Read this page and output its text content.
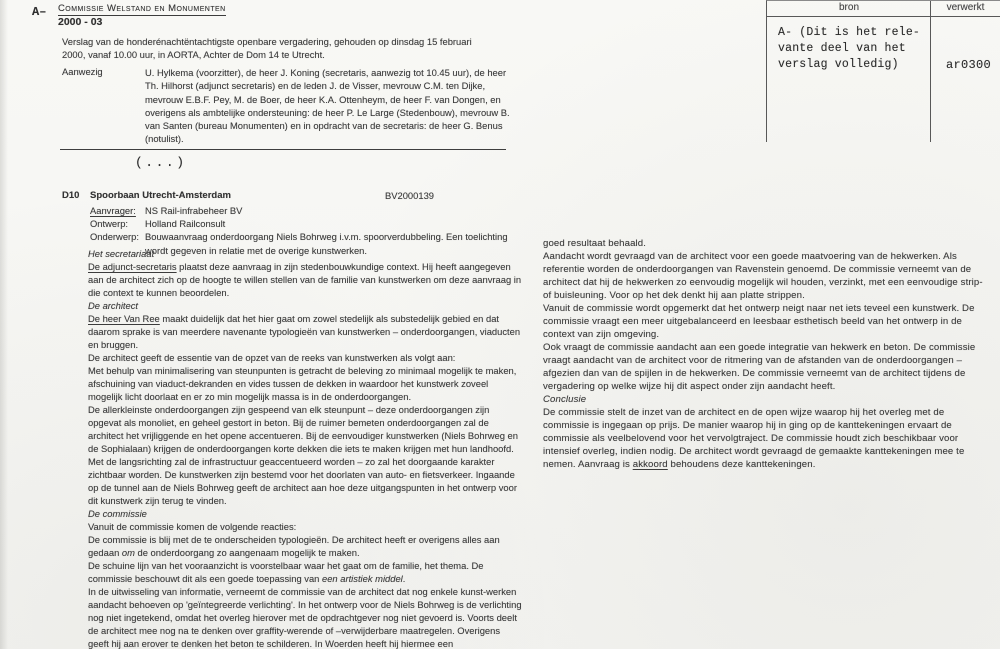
A– Commissie Welstand en Monumenten
2000 - 03
Verslag van de honderénachtëntachtigste openbare vergadering, gehouden op dinsdag 15 februari 2000, vanaf 10.00 uur, in AORTA, Achter de Dom 14 te Utrecht.
Aanwezig	U. Hylkema (voorzitter), de heer J. Koning (secretaris, aanwezig tot 10.45 uur), de heer Th. Hilhorst (adjunct secretaris) en de leden J. de Visser, mevrouw C.M. ten Dijke, mevrouw E.B.F. Pey, M. de Boer, de heer K.A. Ottenheym, de heer F. van Dongen, en overigens als ambtelijke ondersteuning: de heer P. Le Large (Stedenbouw), mevrouw B. van Santen (bureau Monumenten) en in opdracht van de secretaris: de heer G. Benus (notulist).
(...)
D10 Spoorbaan Utrecht-Amsterdam	BV2000139
Aanvrager: NS Rail-infrabeheer BV
Ontwerp:	Holland Railconsult
Onderwerp: Bouwaanvraag onderdoorgang Niels Bohrweg i.v.m. spoorverdubbeling. Een toelichting wordt gegeven in relatie met de overige kunstwerken.

Het secretariaat

De adjunct-secretaris plaatst deze aanvraag in zijn stedenbouwkundige context. Hij heeft aangegeven aan de architect zich op de hoogte te willen stellen van de familie van kunstwerken om deze aanvraag in die context te kunnen beoordelen.

De architect

De heer Van Ree maakt duidelijk dat het hier gaat om zowel stedelijk als substedelijk gebied en dat daarom sprake is van meerdere navenante typologieën van kunstwerken – onderdoorgangen, viaducten en bruggen.

De architect geeft de essentie van de opzet van de reeks van kunstwerken als volgt aan:

Met behulp van minimalisering van steunpunten is getracht de beleving zo minimaal mogelijk te maken, afschuining van viaduct-dekranden en vides tussen de dekken in waardoor het kunstwerk zoveel mogelijk licht doorlaat en er zo min mogelijk massa is in de onderdoorgangen.

De allerkleinste onderdoorgangen zijn gespeend van elk steunpunt – deze onderdoorgangen zijn opgevat als monoliet, en geheel gestort in beton. Bij de ruimer bemeten onderdoorgangen zal de architect het vrijliggende en het opene accentueren. Bij de eenvoudiger kunstwerken (Niels Bohrweg en de Sophialaan) krijgen de onderdoorgangen korte dekken die iets te maken krijgen met hun landhoofd. Met de langsrichting zal de infrastructuur geaccentueerd worden – zo zal het doorgaande karakter zichtbaar worden. De kunstwerken zijn bestemd voor het doorlaten van auto- en fietsverkeer. Ingaande op de tunnel aan de Niels Bohrweg geeft de architect aan hoe deze uitgangspunten in het ontwerp voor dit kunstwerk zijn terug te vinden.

De commissie

Vanuit de commissie komen de volgende reacties:

De commissie is blij met de te onderscheiden typologieën. De architect heeft er overigens alles aan gedaan om de onderdoorgang zo aangenaam mogelijk te maken.

De schuine lijn van het vooraanzicht is voorstelbaar waar het gaat om de familie, het thema. De commissie beschouwt dit als een goede toepassing van een artistiek middel.

In de uitwisseling van informatie, verneemt de commissie van de architect dat nog enkele kunst-werken aandacht behoeven op 'geïntegreerde verlichting'. In het ontwerp voor de Niels Bohrweg is de verlichting nog niet ingetekend, omdat het overleg hierover met de opdrachtgever nog niet gevoerd is. Voorts deelt de architect mee nog na te denken over graffity-werende of –verwijderbare maatregelen. Overigens geeft hij aan erover te denken het beton te schilderen. In Woerden heeft hij hiermee een

goed resultaat behaald.

Aandacht wordt gevraagd van de architect voor een goede maatvoering van de hekwerken. Als referentie worden de onderdoorgangen van Ravenstein genoemd. De commissie verneemt van de architect dat hij de hekwerken zo eenvoudig mogelijk wil houden, verzinkt, met een eenvoudige strip- of buisleuning. Voor op het dek denkt hij aan platte strippen.

Vanuit de commissie wordt opgemerkt dat het ontwerp neigt naar net iets teveel een kunstwerk. De commissie vraagt een meer uitgebalanceerd en leesbaar esthetisch beeld van het ontwerp in de context van zijn omgeving.

Ook vraagt de commissie aandacht aan een goede integratie van hekwerk en beton. De commissie vraagt aandacht van de architect voor de ritmering van de afstanden van de onderdoorgangen – afgezien dan van de spijlen in de hekwerken. De commissie verneemt van de architect tijdens de vergadering op welke wijze hij dit aspect onder zijn aandacht heeft.

Conclusie

De commissie stelt de inzet van de architect en de open wijze waarop hij het overleg met de commissie is ingegaan op prijs. De manier waarop hij in ging op de kanttekeningen ervaart de commissie als veelbelovend voor het vervolgtraject. De commissie houdt zich beschikbaar voor intensief overleg, indien nodig. De architect wordt gevraagd de gemaakte kanttekeningen mee te nemen. Aanvraag is akkoord behoudens deze kanttekeningen.

bron	verwerkt
A- (Dit is het rele-
vante deel van het
verslag volledig)	ar0300
